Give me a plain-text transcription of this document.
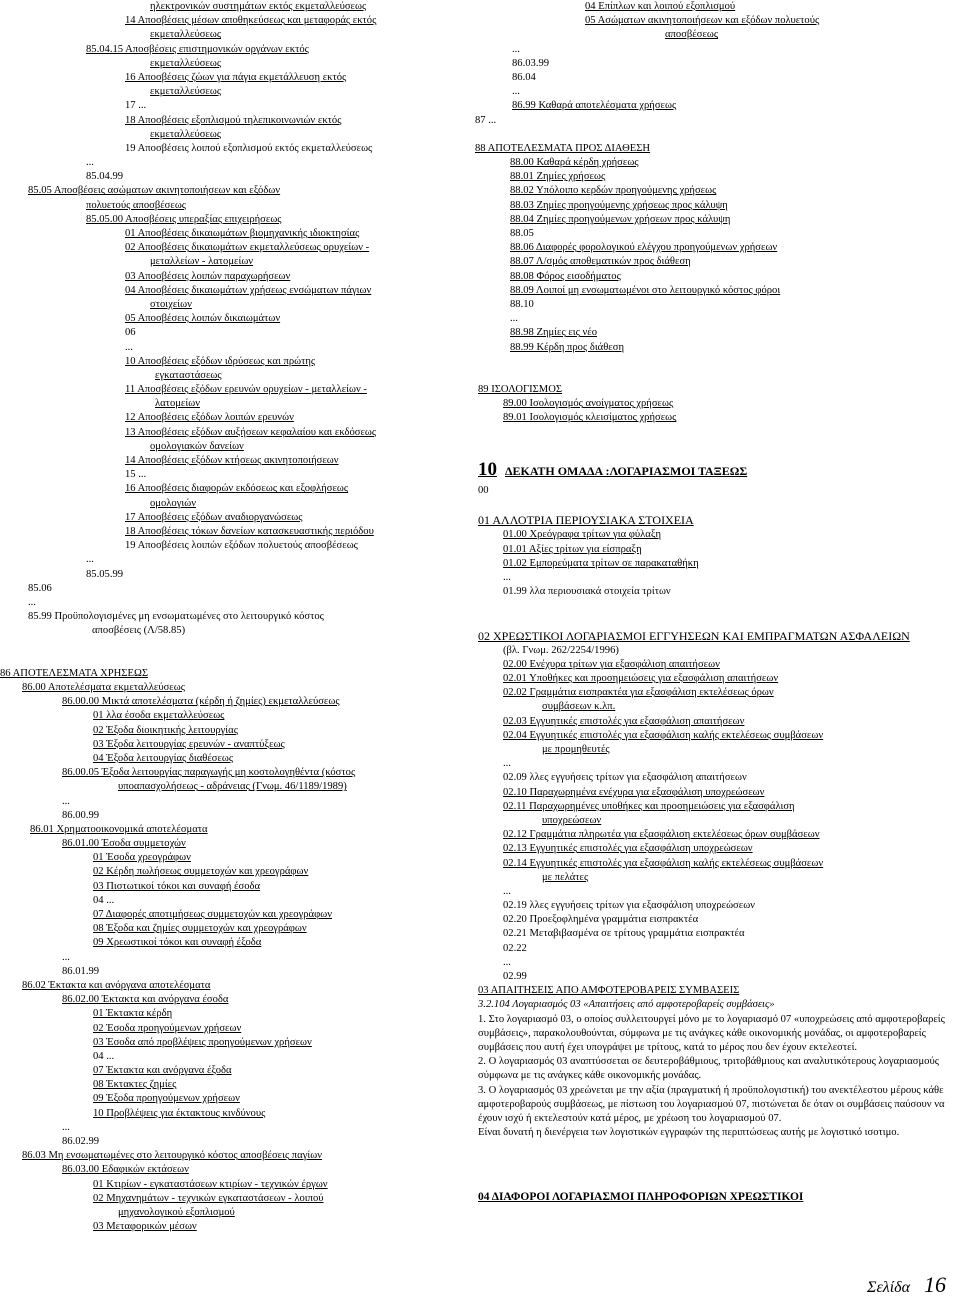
ηλεκτρονικών συστημάτων εκτός εκμεταλλεύσεως
14 Αποσβέσεις μέσων αποθηκεύσεως και μεταφοράς εκτός
εκμεταλλεύσεως
85.04.15 Αποσβέσεις επιστημονικών οργάνων εκτός
εκμεταλλεύσεως
16 Αποσβέσεις ζώων για πάγια εκμετάλλευση εκτός
εκμεταλλεύσεως
17 ...
18 Αποσβέσεις εξοπλισμού τηλεπικοινωνιών εκτός
εκμεταλλεύσεως
19 Αποσβέσεις λοιπού εξοπλισμού εκτός εκμεταλλεύσεως
...
85.04.99
85.05 Αποσβέσεις ασώματων ακινητοποιήσεων και εξόδων
πολυετούς αποσβέσεως
85.05.00 Αποσβέσεις υπεραξίας επιχειρήσεως
01 Αποσβέσεις δικαιωμάτων βιομηχανικής ιδιοκτησίας
02 Αποσβέσεις δικαιωμάτων εκμεταλλεύσεως ορυχείων -
μεταλλείων - λατομείων
03 Αποσβέσεις λοιπών παραχωρήσεων
04 Αποσβέσεις δικαιωμάτων χρήσεως ενσώματων πάγιων
στοιχείων
05 Αποσβέσεις λοιπών δικαιωμάτων
06
...
10 Αποσβέσεις εξόδων ιδρύσεως και πρώτης
εγκαταστάσεως
11 Αποσβέσεις εξόδων ερευνών ορυχείων - μεταλλείων -
λατομείων
12 Αποσβέσεις εξόδων λοιπών ερευνών
13 Αποσβέσεις εξόδων αυξήσεων κεφαλαίου και εκδόσεως
ομολογιακών δανείων
14 Αποσβέσεις εξόδων κτήσεως ακινητοποιήσεων
15 ...
16 Αποσβέσεις διαφορών εκδόσεως και εξοφλήσεως
ομολογιών
17 Αποσβέσεις εξόδων αναδιοργανώσεως
18 Αποσβέσεις τόκων δανείων κατασκευαστικής περιόδου
19 Αποσβέσεις λοιπών εξόδων πολυετούς αποσβέσεως
...
85.05.99
85.06
...
85.99 Προϋπολογισμένες μη ενσωματωμένες στο λειτουργικό κόστος
αποσβέσεις (Λ/58.85)
86 ΑΠΟΤΕΛΕΣΜΑΤΑ ΧΡΗΣΕΩΣ
86.00 Αποτελέσματα εκμεταλλεύσεως
86.00.00 Μικτά αποτελέσματα (κέρδη ή ζημίες) εκμεταλλεύσεως
01 λλα έσοδα εκμεταλλεύσεως
02 Έξοδα διοικητικής λειτουργίας
03 Έξοδα λειτουργίας ερευνών - αναπτύξεως
04 Έξοδα λειτουργίας διαθέσεως
86.00.05 Έξοδα λειτουργίας παραγωγής μη κοστολογηθέντα (κόστος
υποαπασχολήσεως - αδράνειας (Γνωμ. 46/1189/1989)
...
86.00.99
86.01 Χρηματοοικονομικά αποτελέσματα
86.01.00 Έσοδα συμμετοχών
01 Έσοδα χρεογράφων
02 Κέρδη πωλήσεως συμμετοχών και χρεογράφων
03 Πιστωτικοί τόκοι και συναφή έσοδα
04 ...
07 Διαφορές αποτιμήσεως συμμετοχών και χρεογράφων
08 Έξοδα και ζημίες συμμετοχών και χρεογράφων
09 Χρεωστικοί τόκοι και συναφή έξοδα
...
86.01.99
86.02 Έκτακτα και ανόργανα αποτελέσματα
86.02.00 Έκτακτα και ανόργανα έσοδα
01 Έκτακτα κέρδη
02 Έσοδα προηγούμενων χρήσεων
03 Έσοδα από προβλέψεις προηγούμενων χρήσεων
04 ...
07 Έκτακτα και ανόργανα έξοδα
08 Έκτακτες ζημίες
09 Έξοδα προηγούμενων χρήσεων
10 Προβλέψεις για έκτακτους κινδύνους
...
86.02.99
86.03 Μη ενσωματωμένες στο λειτουργικό κόστος αποσβέσεις παγίων
86.03.00 Εδαφικών εκτάσεων
01 Κτιρίων - εγκαταστάσεων κτιρίων - τεχνικών έργων
02 Μηχανημάτων - τεχνικών εγκαταστάσεων - λοιπού
μηχανολογικού εξοπλισμού
03 Μεταφορικών μέσων
04 Επίπλων και λοιπού εξοπλισμού
05 Ασώματων ακινητοποιήσεων και εξόδων πολυετούς
αποσβέσεως
...
86.03.99
86.04
...
86.99 Καθαρά αποτελέσματα χρήσεως
87 ...
88 ΑΠΟΤΕΛΕΣΜΑΤΑ ΠΡΟΣ ΔΙΑΘΕΣΗ
88.00 Καθαρά κέρδη χρήσεως
88.01 Ζημίες χρήσεως
88.02 Υπόλοιπο κερδών προηγούμενης χρήσεως
88.03 Ζημίες προηγούμενης χρήσεως προς κάλυψη
88.04 Ζημίες προηγούμενων χρήσεων προς κάλυψη
88.05
88.06 Διαφορές φορολογικού ελέγχου προηγούμενων χρήσεων
88.07 Λ/σμός αποθεματικών προς διάθεση
88.08 Φόρος εισοδήματος
88.09 Λοιποί μη ενσωματωμένοι στο λειτουργικό κόστος φόροι
88.10
...
88.98 Ζημίες εις νέο
88.99 Κέρδη προς διάθεση
89 ΙΣΟΛΟΓΙΣΜΟΣ
89.00 Ισολογισμός ανοίγματος χρήσεως
89.01 Ισολογισμός κλεισίματος χρήσεως
10 ΔΕΚΑΤΗ ΟΜΑΔΑ :ΛΟΓΑΡΙΑΣΜΟΙ ΤΑΞΕΩΣ
00
01 ΑΛΛΟΤΡΙΑ ΠΕΡΙΟΥΣΙΑΚΑ ΣΤΟΙΧΕΙΑ
01.00 Χρεόγραφα τρίτων για φύλαξη
01.01 Αξίες τρίτων για είσπραξη
01.02 Εμπορεύματα τρίτων σε παρακαταθήκη
...
01.99 λλα περιουσιακά στοιχεία τρίτων
02 ΧΡΕΩΣΤΙΚΟΙ ΛΟΓΑΡΙΑΣΜΟΙ ΕΓΓΥΗΣΕΩΝ ΚΑΙ ΕΜΠΡΑΓΜΑΤΩΝ ΑΣΦΑΛΕΙΩΝ
(βλ. Γνωμ. 262/2254/1996)
02.00 Ενέχυρα τρίτων για εξασφάλιση απαιτήσεων
02.01 Υποθήκες και προσημειώσεις για εξασφάλιση απαιτήσεων
02.02 Γραμμάτια εισπρακτέα για εξασφάλιση εκτελέσεως όρων
συμβάσεων κ.λπ.
02.03 Εγγυητικές επιστολές για εξασφάλιση απαιτήσεων
02.04 Εγγυητικές επιστολές για εξασφάλιση καλής εκτελέσεως συμβάσεων
με προμηθευτές
...
02.09 λλες εγγυήσεις τρίτων για εξασφάλιση απαιτήσεων
02.10 Παραχωρημένα ενέχυρα για εξασφάλιση υποχρεώσεων
02.11 Παραχωρημένες υποθήκες και προσημειώσεις για εξασφάλιση
υποχρεώσεων
02.12 Γραμμάτια πληρωτέα για εξασφάλιση εκτελέσεως όρων συμβάσεων
02.13 Εγγυητικές επιστολές για εξασφάλιση υποχρεώσεων
02.14 Εγγυητικές επιστολές για εξασφάλιση καλής εκτελέσεως συμβάσεων
με πελάτες
...
02.19 λλες εγγυήσεις τρίτων για εξασφάλιση υποχρεώσεων
02.20 Προεξοφλημένα γραμμάτια εισπρακτέα
02.21 Μεταβιβασμένα σε τρίτους γραμμάτια εισπρακτέα
02.22
...
02.99
03 ΑΠΑΙΤΗΣΕΙΣ ΑΠΟ ΑΜΦΟΤΕΡΟΒΑΡΕΙΣ ΣΥΜΒΑΣΕΙΣ
3.2.104 Λογαριασμός 03 «Απαιτήσεις από αμφοτεροβαρείς συμβάσεις»
1. Στο λογαριασμό 03, ο οποίος συλλειτουργεί μόνο με το λογαριασμό 07 «υποχρεώσεις από αμφοτεροβαρείς συμβάσεις», παρακολουθούνται, σύμφωνα με τις ανάγκες κάθε οικονομικής μονάδας, οι αμφοτεροβαρείς συμβάσεις που αυτή έχει υπογράψει με τρίτους, κατά το μέρος που δεν έχουν εκτελεστεί.
2. Ο λογαριασμός 03 αναπτύσσεται σε δευτεροβάθμιους, τριτοβάθμιους και αναλυτικότερους λογαριασμούς σύμφωνα με τις ανάγκες κάθε οικονομικής μονάδας.
3. Ο λογαριασμός 03 χρεώνεται με την αξία (πραγματική ή προϋπολογιστική) του ανεκτέλεστου μέρους κάθε αμφοτεροβαρούς συμβάσεως, με πίστωση του λογαριασμού 07, πιστώνεται δε όταν οι συμβάσεις παύσουν να έχουν ισχύ ή εκτελεστούν κατά μέρος, με χρέωση του λογαριασμού 07.
Είναι δυνατή η διενέργεια των λογιστικών εγγραφών της περιπτώσεως αυτής με λογιστικό ισοτιμο.
04 ΔΙΑΦΟΡΟΙ ΛΟΓΑΡΙΑΣΜΟΙ ΠΛΗΡΟΦΟΡΙΩΝ ΧΡΕΩΣΤΙΚΟΙ
Σελίδα 16
